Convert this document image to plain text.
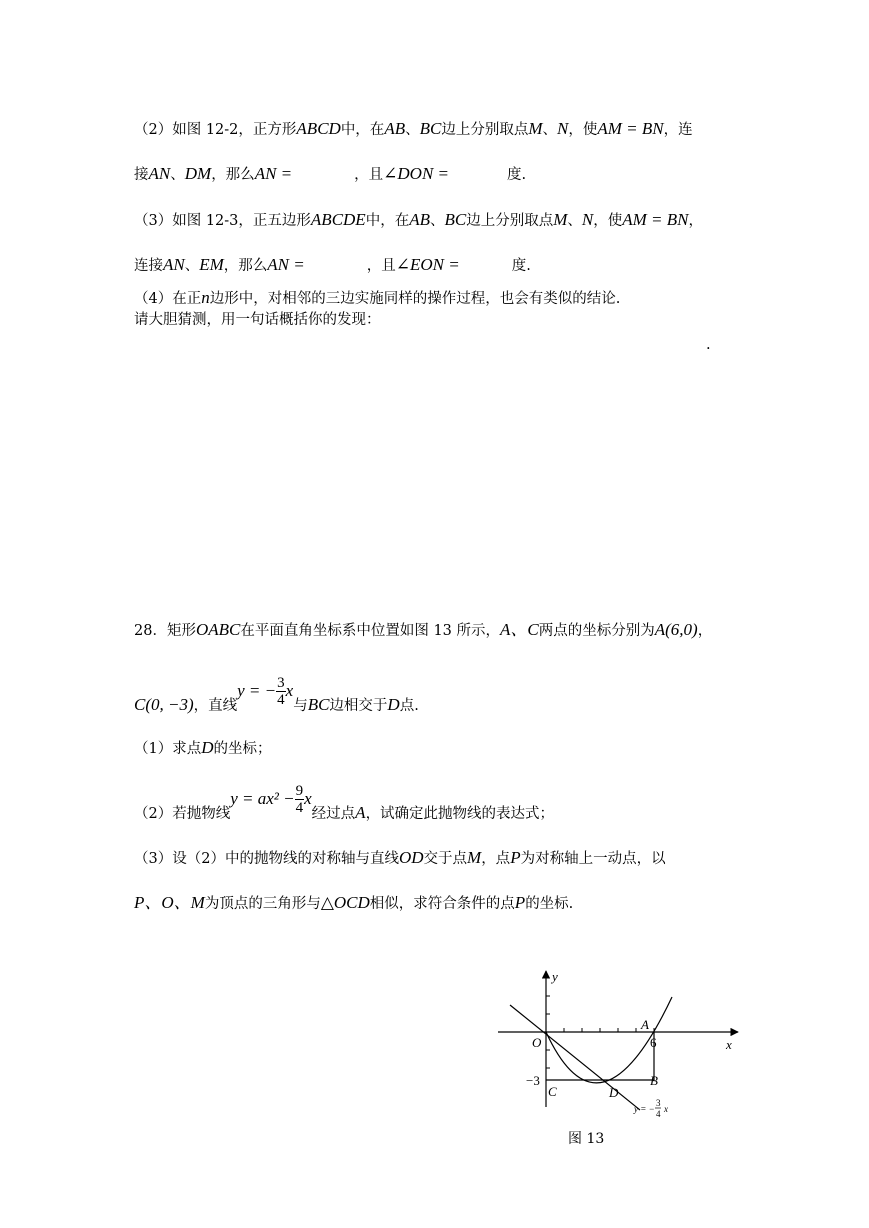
（2）如图 12-2，正方形ABCD中，在AB、BC边上分别取点M、N，使AM = BN，连
接AN、DM，那么AN =	，且∠DON =	度.
（3）如图 12-3，正五边形ABCDE中，在AB、BC边上分别取点M、N，使AM = BN，
连接AN、EM，那么AN =	，且∠EON =	度.
（4）在正n边形中，对相邻的三边实施同样的操作过程，也会有类似的结论.
请大胆猜测，用一句话概括你的发现：
.
28．矩形OABC在平面直角坐标系中位置如图 13 所示，A、C两点的坐标分别为A(6,0)，
C(0, −3)，直线y = − $\frac{3}{4}$ x与BC边相交于D点.
（1）求点D的坐标；
（2）若抛物线$y = ax^2 - \frac{9}{4}$ x经过点A，试确定此抛物线的表达式；
（3）设（2）中的抛物线的对称轴与直线OD交于点M，点P为对称轴上一动点，以
P、O、M为顶点的三角形与△OCD相似，求符合条件的点P的坐标.
y
x
O
A
6
−3	B
C	D
y = −
3
4 x
图 13
